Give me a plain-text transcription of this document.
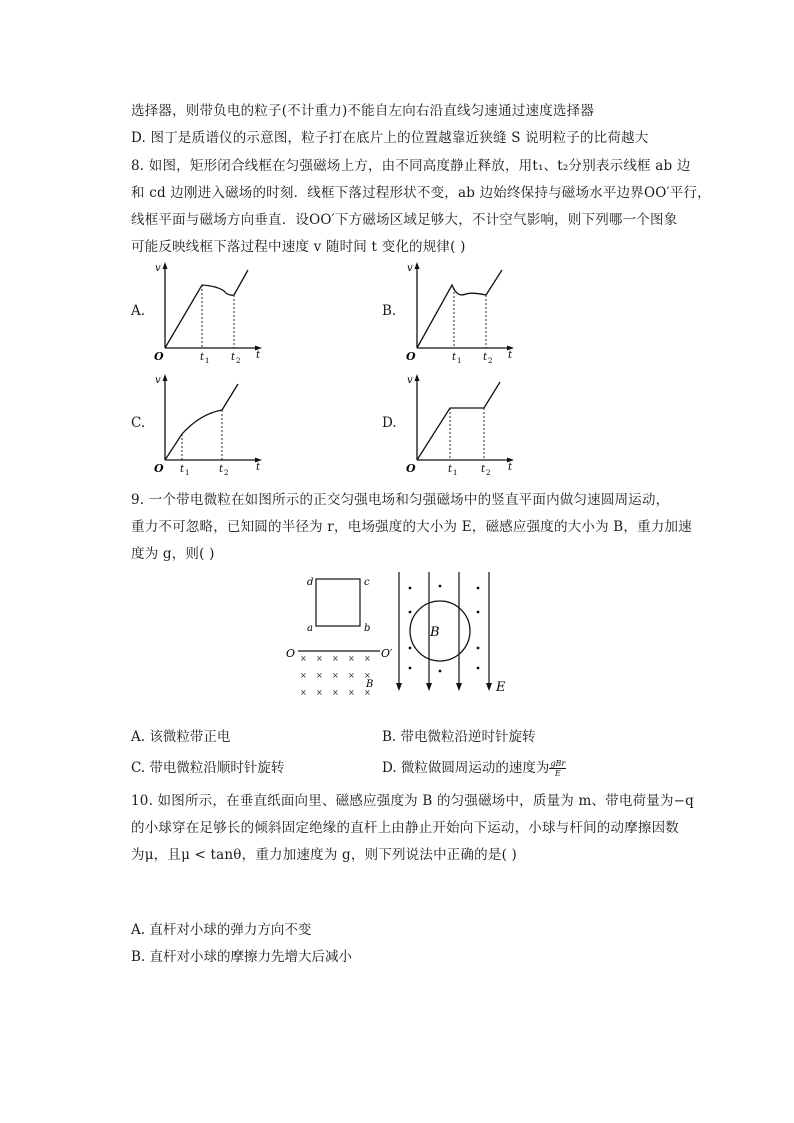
选择器，则带负电的粒子(不计重力)不能自左向右沿直线匀速通过速度选择器
D. 图丁是质谱仪的示意图，粒子打在底片上的位置越靠近狭缝 S 说明粒子的比荷越大
8. 如图，矩形闭合线框在匀强磁场上方，由不同高度静止释放，用t₁、t₂分别表示线框 ab 边
和 cd 边刚进入磁场的时刻．线框下落过程形状不变，ab 边始终保持与磁场水平边界OO′平行，
线框平面与磁场方向垂直．设OO′下方磁场区域足够大，不计空气影响，则下列哪一个图象
可能反映线框下落过程中速度 v 随时间 t 变化的规律( )
A.
v
O	t 1 t 2 t
B.
v
O	t 1 t 2 t
C.
v
O t 1	t 2	t
D.
v
O	t 1 t 2 t
9. 一个带电微粒在如图所示的正交匀强电场和匀强磁场中的竖直平面内做匀速圆周运动，
重力不可忽略，已知圆的半径为 r，电场强度的大小为 E，磁感应强度的大小为 B，重力加速
度为 g，则( )
d	c
a	b
O	O′
× × × × ×
× × × × ×
× × × × ×
B
B
E
A. 该微粒带正电	B. 带电微粒沿逆时针旋转
C. 带电微粒沿顺时针旋转	D. 微粒做圆周运动的速度为 $\frac{\text{gBr}}{E}$
10. 如图所示，在垂直纸面向里、磁感应强度为 B 的匀强磁场中，质量为 m、带电荷量为−q
的小球穿在足够长的倾斜固定绝缘的直杆上由静止开始向下运动，小球与杆间的动摩擦因数
为μ，且μ < tanθ，重力加速度为 g，则下列说法中正确的是( )
A. 直杆对小球的弹力方向不变
B. 直杆对小球的摩擦力先增大后减小
